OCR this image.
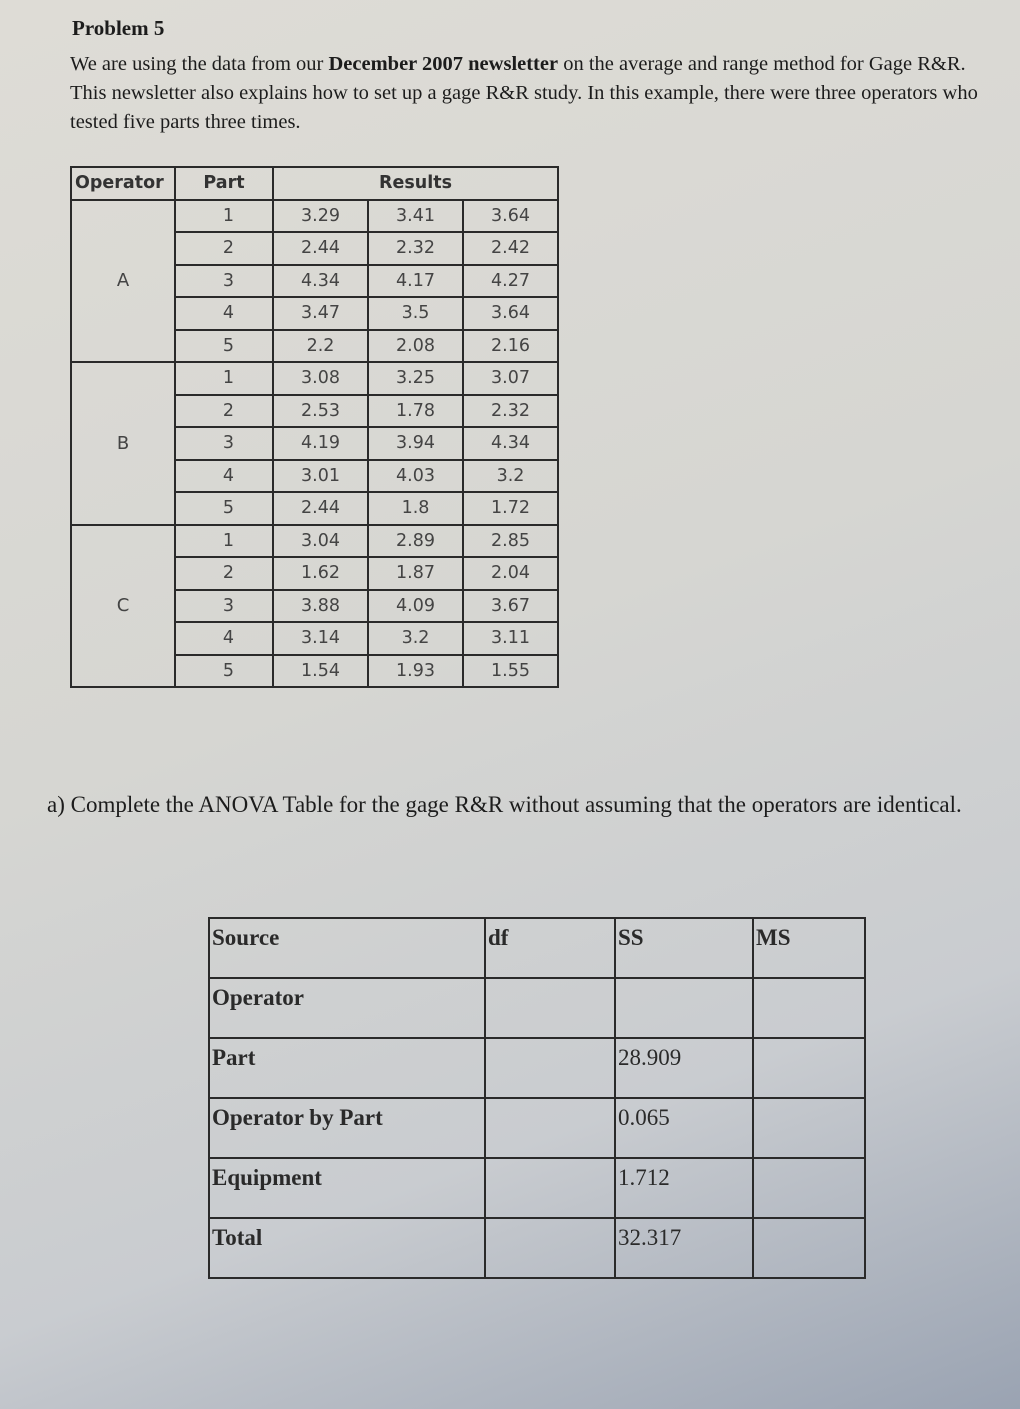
Problem 5

We are using the data from our December 2007 newsletter on the average and range method for Gage R&R. This newsletter also explains how to set up a gage R&R study. In this example, there were three operators who tested five parts three times.

Operator	Part	Results		
A	1	3.29	3.41	3.64
	2	2.44	2.32	2.42
	3	4.34	4.17	4.27
	4	3.47	3.5	3.64
	5	2.2	2.08	2.16
B	1	3.08	3.25	3.07
	2	2.53	1.78	2.32
	3	4.19	3.94	4.34
	4	3.01	4.03	3.2
	5	2.44	1.8	1.72
C	1	3.04	2.89	2.85
	2	1.62	1.87	2.04
	3	3.88	4.09	3.67
	4	3.14	3.2	3.11
	5	1.54	1.93	1.55

a) Complete the ANOVA Table for the gage R&R without assuming that the operators are identical.

Source	df	SS	MS
Operator			
Part		28.909	
Operator by Part		0.065	
Equipment		1.712	
Total		32.317	
